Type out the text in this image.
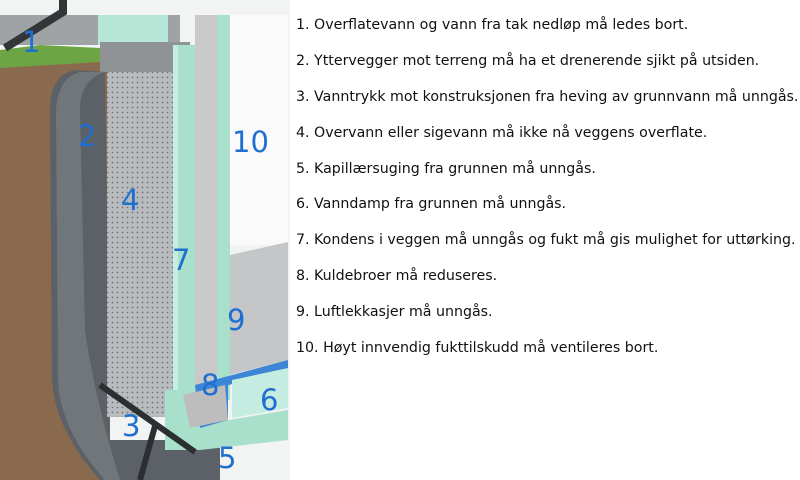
1
2
3
4
5
6
7
8
9
10
1. Overflatevann og vann fra tak nedløp må ledes bort.
2. Yttervegger mot terreng må ha et drenerende sjikt på utsiden.
3. Vanntrykk mot konstruksjonen fra heving av grunnvann må unngås.
4. Overvann eller sigevann må ikke nå veggens overflate.
5. Kapillærsuging fra grunnen må unngås.
6. Vanndamp fra grunnen må unngås.
7. Kondens i veggen må unngås og fukt må gis mulighet for uttørking.
8. Kuldebroer må reduseres.
9. Luftlekkasjer må unngås.
10. Høyt innvendig fukttilskudd må ventileres bort.
